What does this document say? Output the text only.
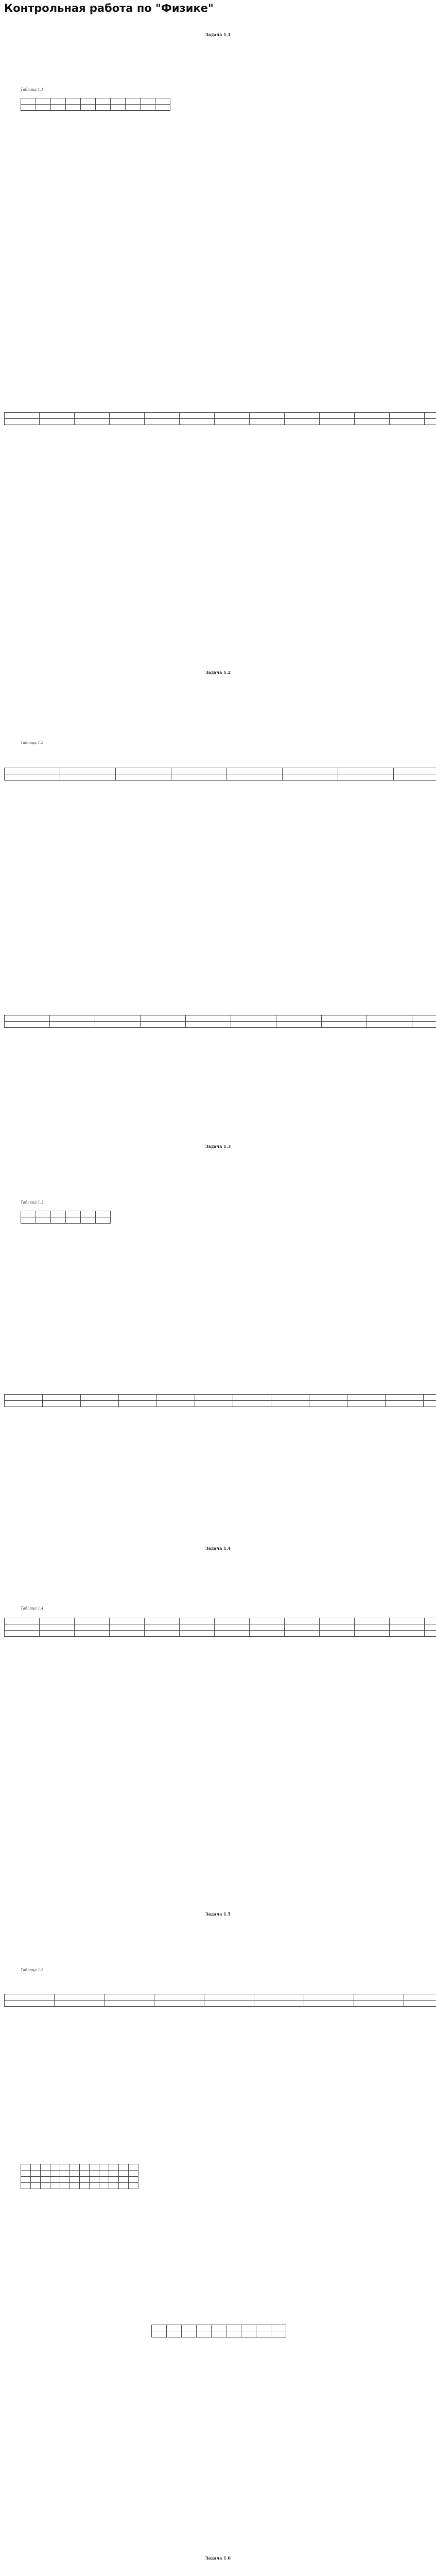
Контрольная работа по "Физике"
Задача 1.1
Задача 1.2
Задача 1.3
Задача 1.4
Задача 1.5
Задача 1.6
Таблица 1.1

Таблица 1.2

Таблица 1.3

Таблица 1.4

Таблица 1.5
